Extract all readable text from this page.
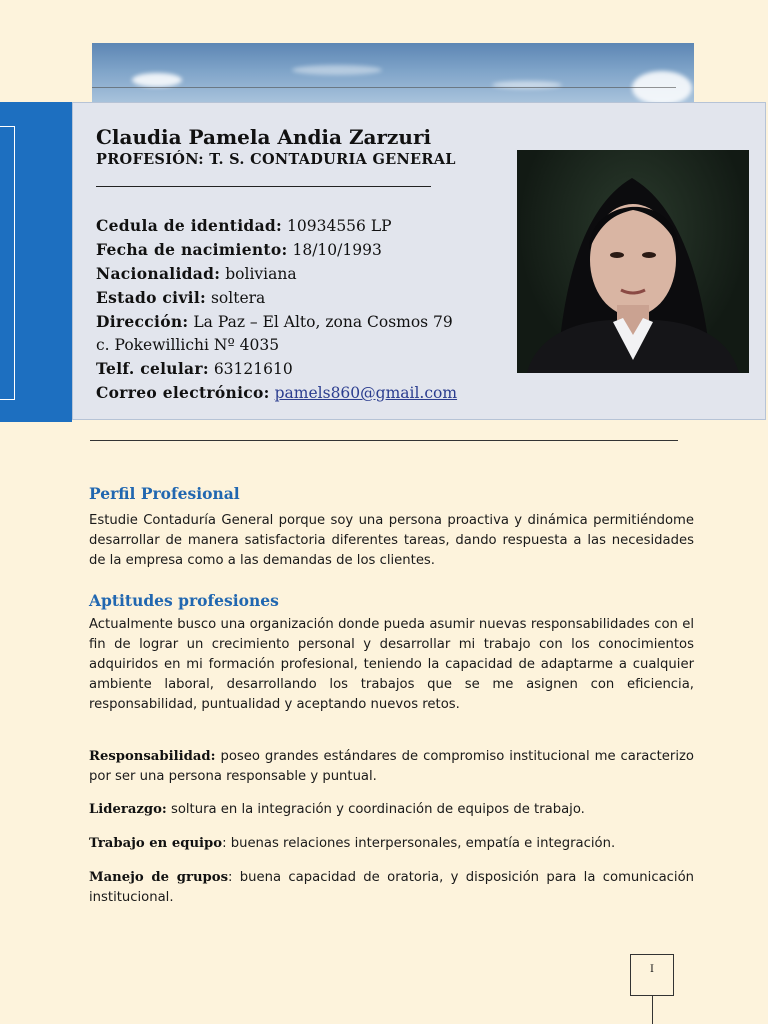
Claudia Pamela Andia Zarzuri
PROFESIÓN: T. S. CONTADURIA GENERAL
Cedula de identidad: 10934556 LP
Fecha de nacimiento: 18/10/1993
Nacionalidad: boliviana
Estado civil: soltera
Dirección: La Paz – El Alto, zona Cosmos 79
c. Pokewillichi Nº 4035
Telf. celular: 63121610
Correo electrónico: pamels860@gmail.com
Perfil Profesional
Estudie Contaduría General porque soy una persona proactiva y dinámica permitiéndome desarrollar de manera satisfactoria diferentes tareas, dando respuesta a las necesidades de la empresa como a las demandas de los clientes.
Aptitudes profesiones
Actualmente busco una organización donde pueda asumir nuevas responsabilidades con el fin de lograr un crecimiento personal y desarrollar mi trabajo con los conocimientos adquiridos en mi formación profesional, teniendo la capacidad de adaptarme a cualquier ambiente laboral, desarrollando los trabajos que se me asignen con eficiencia, responsabilidad, puntualidad y aceptando nuevos retos.
Responsabilidad: poseo grandes estándares de compromiso institucional me caracterizo por ser una persona responsable y puntual.
Liderazgo: soltura en la integración y coordinación de equipos de trabajo.
Trabajo en equipo: buenas relaciones interpersonales, empatía e integración.
Manejo de grupos: buena capacidad de oratoria, y disposición para la comunicación institucional.
I
